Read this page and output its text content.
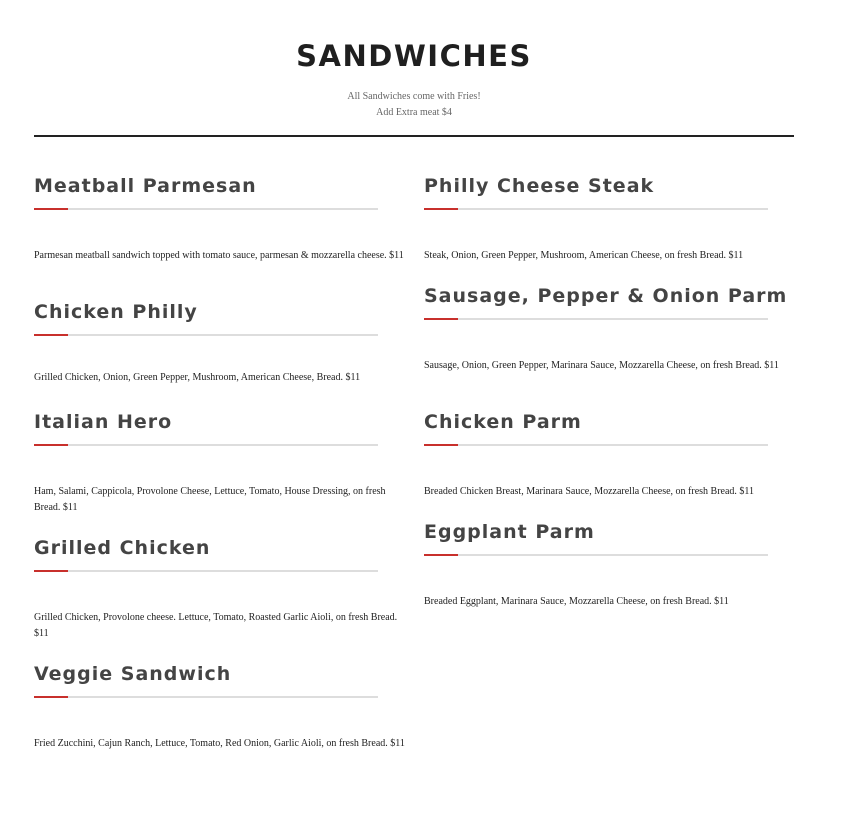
SANDWICHES
All Sandwiches come with Fries!
Add Extra meat $4
Meatball Parmesan

Parmesan meatball sandwich topped with tomato sauce, parmesan & mozzarella cheese. $11

Chicken Philly

Grilled Chicken, Onion, Green Pepper, Mushroom, American Cheese, Bread. $11

Italian Hero

Ham, Salami, Cappicola, Provolone Cheese, Lettuce, Tomato, House Dressing, on fresh Bread. $11

Grilled Chicken

Grilled Chicken, Provolone cheese. Lettuce, Tomato, Roasted Garlic Aioli, on fresh Bread. $11

Veggie Sandwich

Fried Zucchini, Cajun Ranch, Lettuce, Tomato, Red Onion, Garlic Aioli, on fresh Bread. $11

Philly Cheese Steak

Steak, Onion, Green Pepper, Mushroom, American Cheese, on fresh Bread. $11

Sausage, Pepper & Onion Parm

Sausage, Onion, Green Pepper, Marinara Sauce, Mozzarella Cheese, on fresh Bread. $11

Chicken Parm

Breaded Chicken Breast, Marinara Sauce, Mozzarella Cheese, on fresh Bread. $11

Eggplant Parm

Breaded Eggplant, Marinara Sauce, Mozzarella Cheese, on fresh Bread. $11
